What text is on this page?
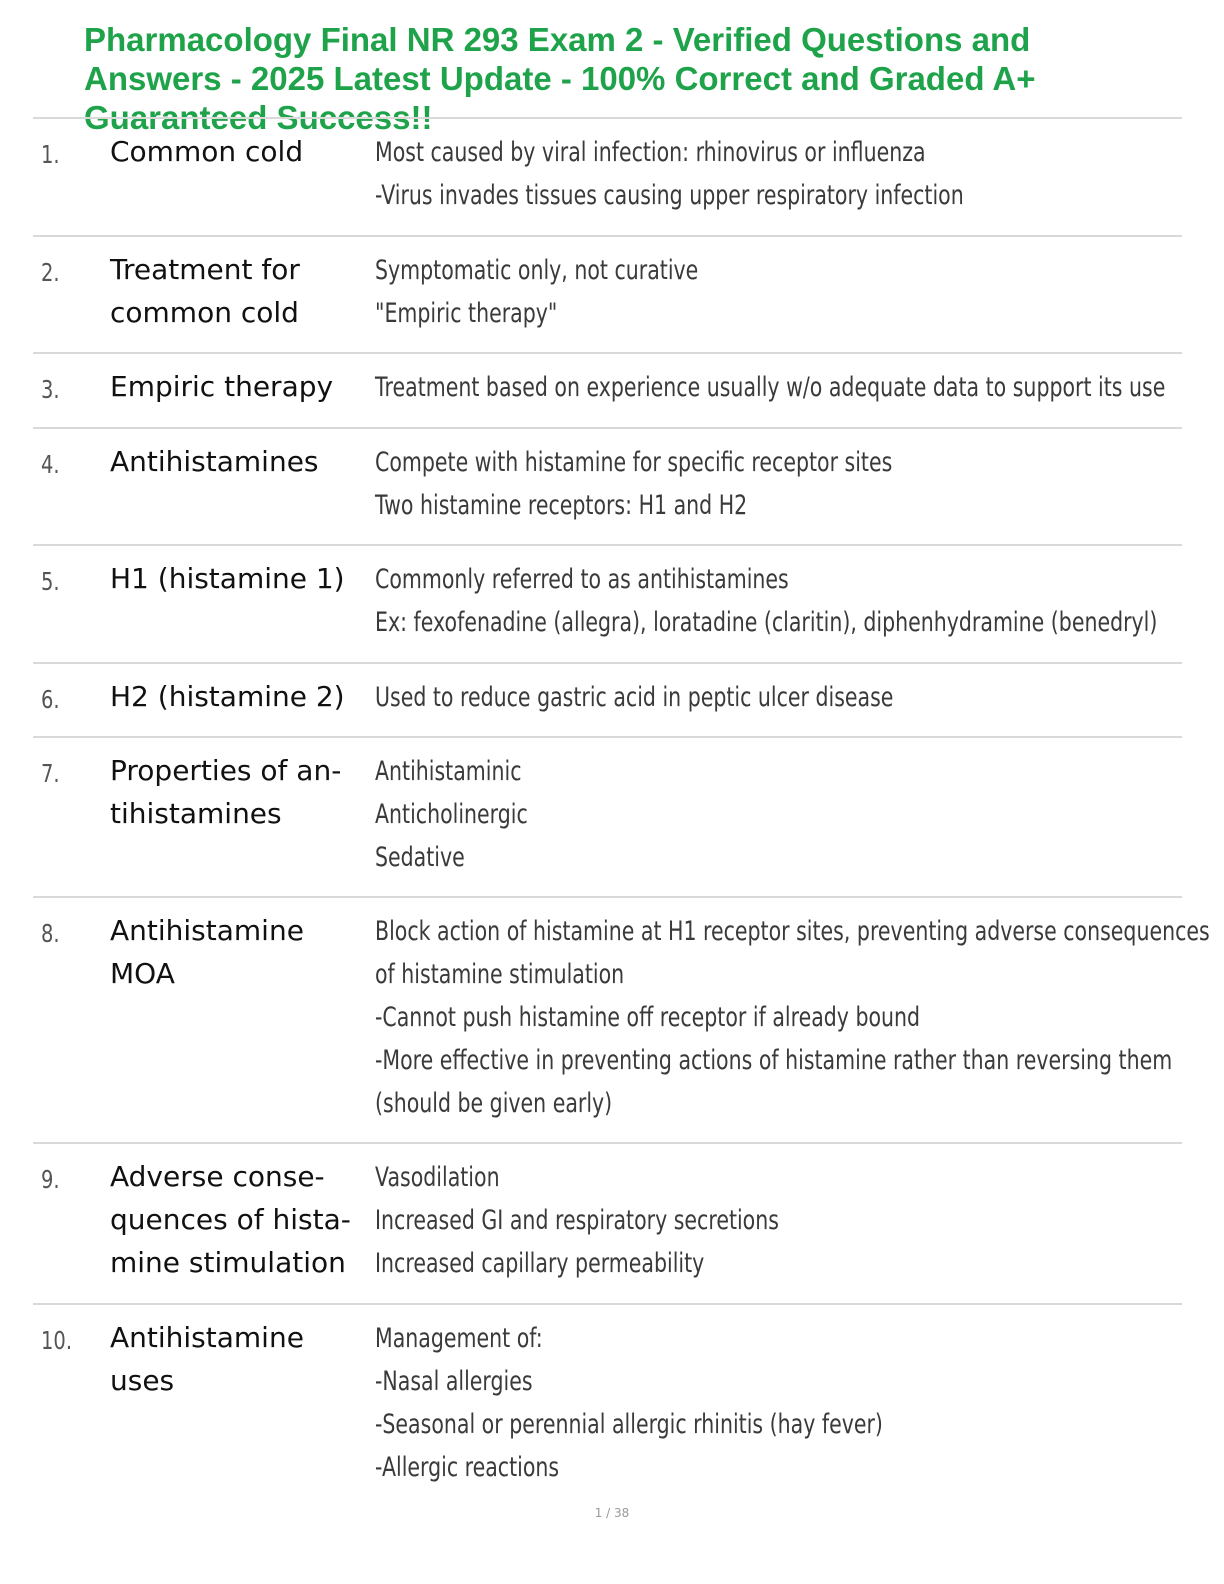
Pharmacology Final NR 293 Exam 2 - Verified Questions and
Answers - 2025 Latest Update - 100% Correct and Graded A+
Guaranteed Success!!
1. Common cold	Most caused by viral infection: rhinovirus or influenza
-Virus invades tissues causing upper respiratory infection
2. Treatment for
common cold
Symptomatic only, not curative
"Empiric therapy"
3. Empiric therapy Treatment based on experience usually w/o adequate data to support its use
4. Antihistamines Compete with histamine for specific receptor sites
Two histamine receptors: H1 and H2
5. H1 (histamine 1) Commonly referred to as antihistamines
Ex: fexofenadine (allegra), loratadine (claritin), diphenhydramine (benedryl)
6. H2 (histamine 2) Used to reduce gastric acid in peptic ulcer disease
7. Properties of an-
tihistamines
Antihistaminic
Anticholinergic
Sedative
8. Antihistamine
MOA
Block action of histamine at H1 receptor sites, preventing adverse consequences
of histamine stimulation
-Cannot push histamine off receptor if already bound
-More effective in preventing actions of histamine rather than reversing them
(should be given early)
9. Adverse conse-
quences of hista-
mine stimulation
Vasodilation
Increased GI and respiratory secretions
Increased capillary permeability
10. Antihistamine
uses
Management of:
-Nasal allergies
-Seasonal or perennial allergic rhinitis (hay fever)
-Allergic reactions
1 / 38
